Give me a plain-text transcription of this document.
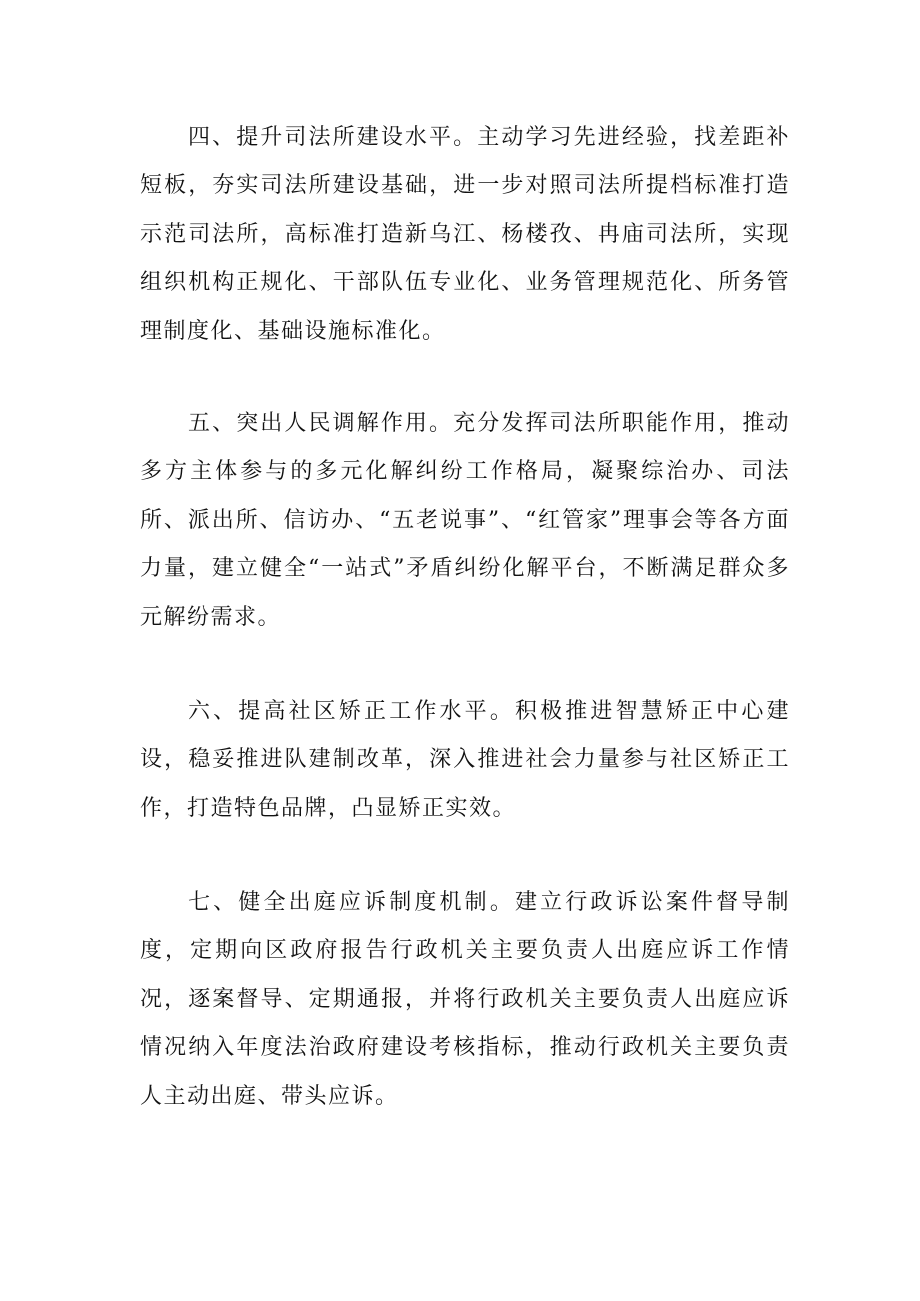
四、提升司法所建设水平。主动学习先进经验，找差距补短板，夯实司法所建设基础，进一步对照司法所提档标准打造示范司法所，高标准打造新乌江、杨楼孜、冉庙司法所，实现组织机构正规化、干部队伍专业化、业务管理规范化、所务管理制度化、基础设施标准化。

五、突出人民调解作用。充分发挥司法所职能作用，推动多方主体参与的多元化解纠纷工作格局，凝聚综治办、司法所、派出所、信访办、“五老说事”、“红管家”理事会等各方面力量，建立健全“一站式”矛盾纠纷化解平台，不断满足群众多元解纷需求。

六、提高社区矫正工作水平。积极推进智慧矫正中心建设，稳妥推进队建制改革，深入推进社会力量参与社区矫正工作，打造特色品牌，凸显矫正实效。

七、健全出庭应诉制度机制。建立行政诉讼案件督导制度，定期向区政府报告行政机关主要负责人出庭应诉工作情况，逐案督导、定期通报，并将行政机关主要负责人出庭应诉情况纳入年度法治政府建设考核指标，推动行政机关主要负责人主动出庭、带头应诉。
